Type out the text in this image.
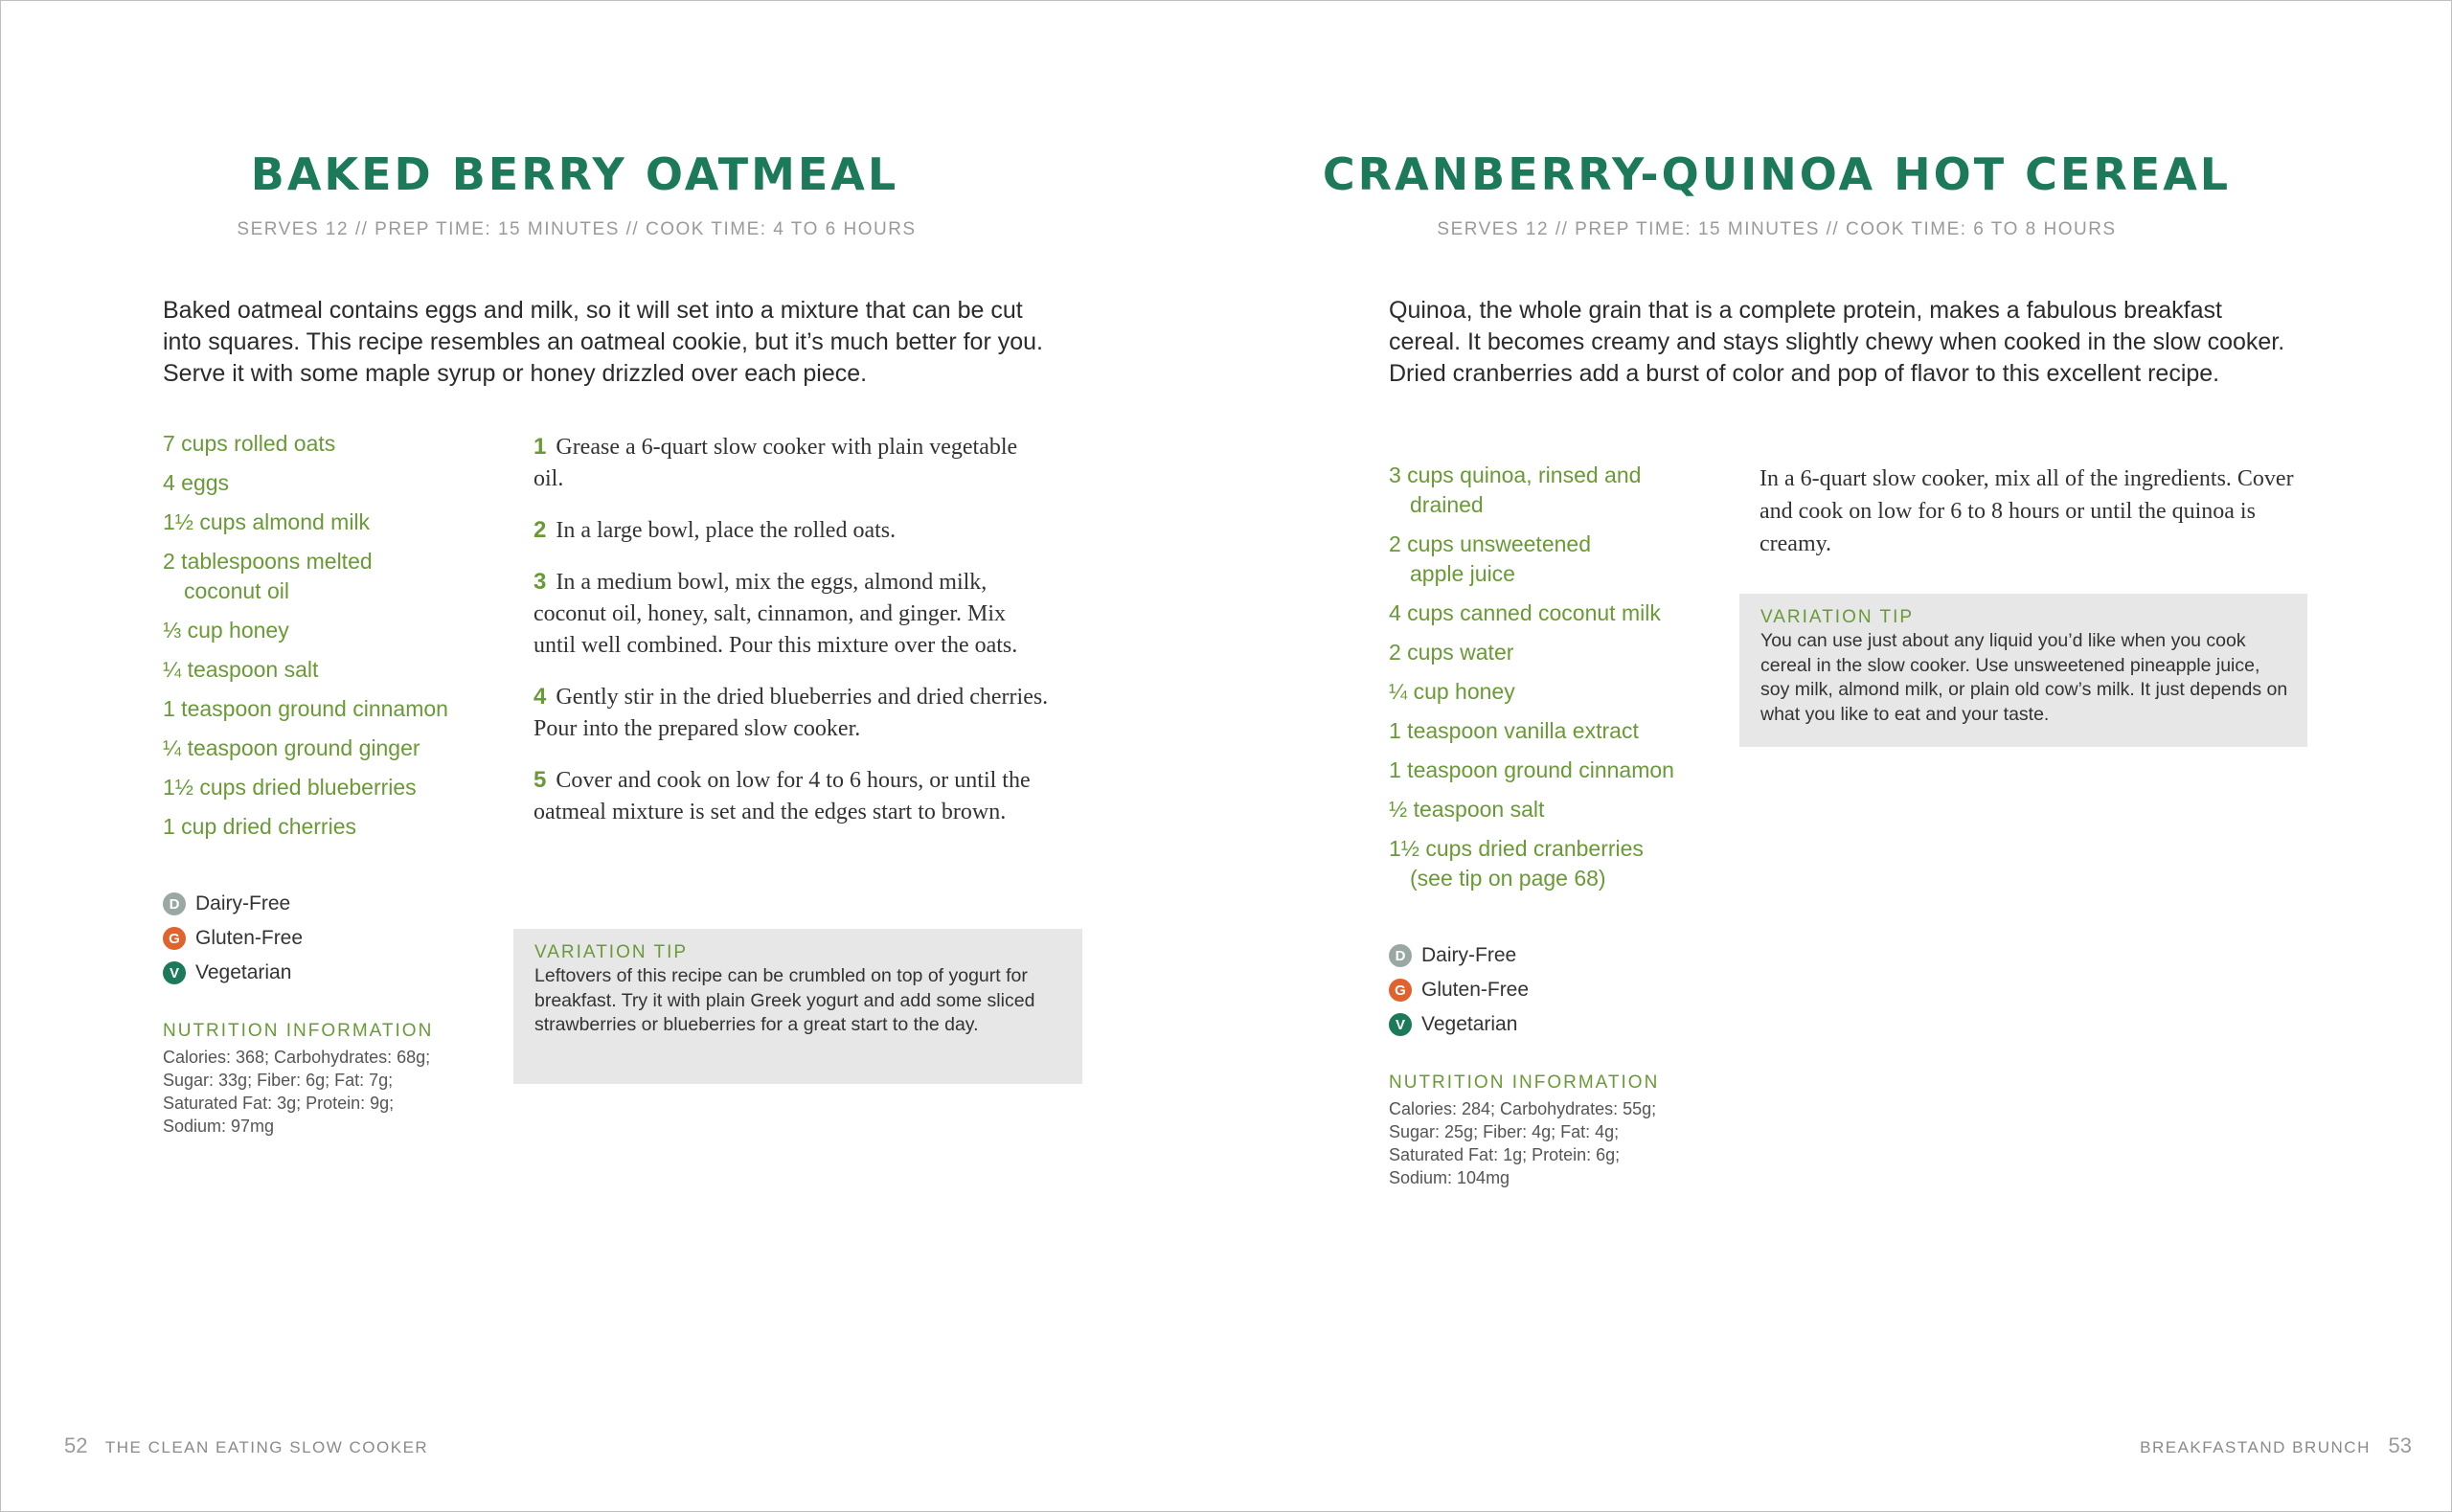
BAKED BERRY OATMEAL
SERVES 12 // PREP TIME: 15 MINUTES // COOK TIME: 4 TO 6 HOURS
Baked oatmeal contains eggs and milk, so it will set into a mixture that can be cut into squares. This recipe resembles an oatmeal cookie, but it’s much better for you. Serve it with some maple syrup or honey drizzled over each piece.
7 cups rolled oats
4 eggs
1½ cups almond milk
2 tablespoons melted coconut oil
⅓ cup honey
¼ teaspoon salt
1 teaspoon ground cinnamon
¼ teaspoon ground ginger
1½ cups dried blueberries
1 cup dried cherries
1 Grease a 6-quart slow cooker with plain vegetable oil.
2 In a large bowl, place the rolled oats.
3 In a medium bowl, mix the eggs, almond milk, coconut oil, honey, salt, cinnamon, and ginger. Mix until well combined. Pour this mixture over the oats.
4 Gently stir in the dried blueberries and dried cherries. Pour into the prepared slow cooker.
5 Cover and cook on low for 4 to 6 hours, or until the oatmeal mixture is set and the edges start to brown.
VARIATION TIP
Leftovers of this recipe can be crumbled on top of yogurt for breakfast. Try it with plain Greek yogurt and add some sliced strawberries or blueberries for a great start to the day.
D Dairy-Free
G Gluten-Free
V Vegetarian
NUTRITION INFORMATION
Calories: 368; Carbohydrates: 68g; Sugar: 33g; Fiber: 6g; Fat: 7g; Saturated Fat: 3g; Protein: 9g; Sodium: 97mg
52 THE CLEAN EATING SLOW COOKER
CRANBERRY-QUINOA HOT CEREAL
SERVES 12 // PREP TIME: 15 MINUTES // COOK TIME: 6 TO 8 HOURS
Quinoa, the whole grain that is a complete protein, makes a fabulous breakfast cereal. It becomes creamy and stays slightly chewy when cooked in the slow cooker. Dried cranberries add a burst of color and pop of flavor to this excellent recipe.
3 cups quinoa, rinsed and drained
2 cups unsweetened apple juice
4 cups canned coconut milk
2 cups water
¼ cup honey
1 teaspoon vanilla extract
1 teaspoon ground cinnamon
½ teaspoon salt
1½ cups dried cranberries (see tip on page 68)
In a 6-quart slow cooker, mix all of the ingredients. Cover and cook on low for 6 to 8 hours or until the quinoa is creamy.
VARIATION TIP
You can use just about any liquid you’d like when you cook cereal in the slow cooker. Use unsweetened pineapple juice, soy milk, almond milk, or plain old cow’s milk. It just depends on what you like to eat and your taste.
D Dairy-Free
G Gluten-Free
V Vegetarian
NUTRITION INFORMATION
Calories: 284; Carbohydrates: 55g; Sugar: 25g; Fiber: 4g; Fat: 4g; Saturated Fat: 1g; Protein: 6g; Sodium: 104mg
BREAKFASTAND BRUNCH 53
